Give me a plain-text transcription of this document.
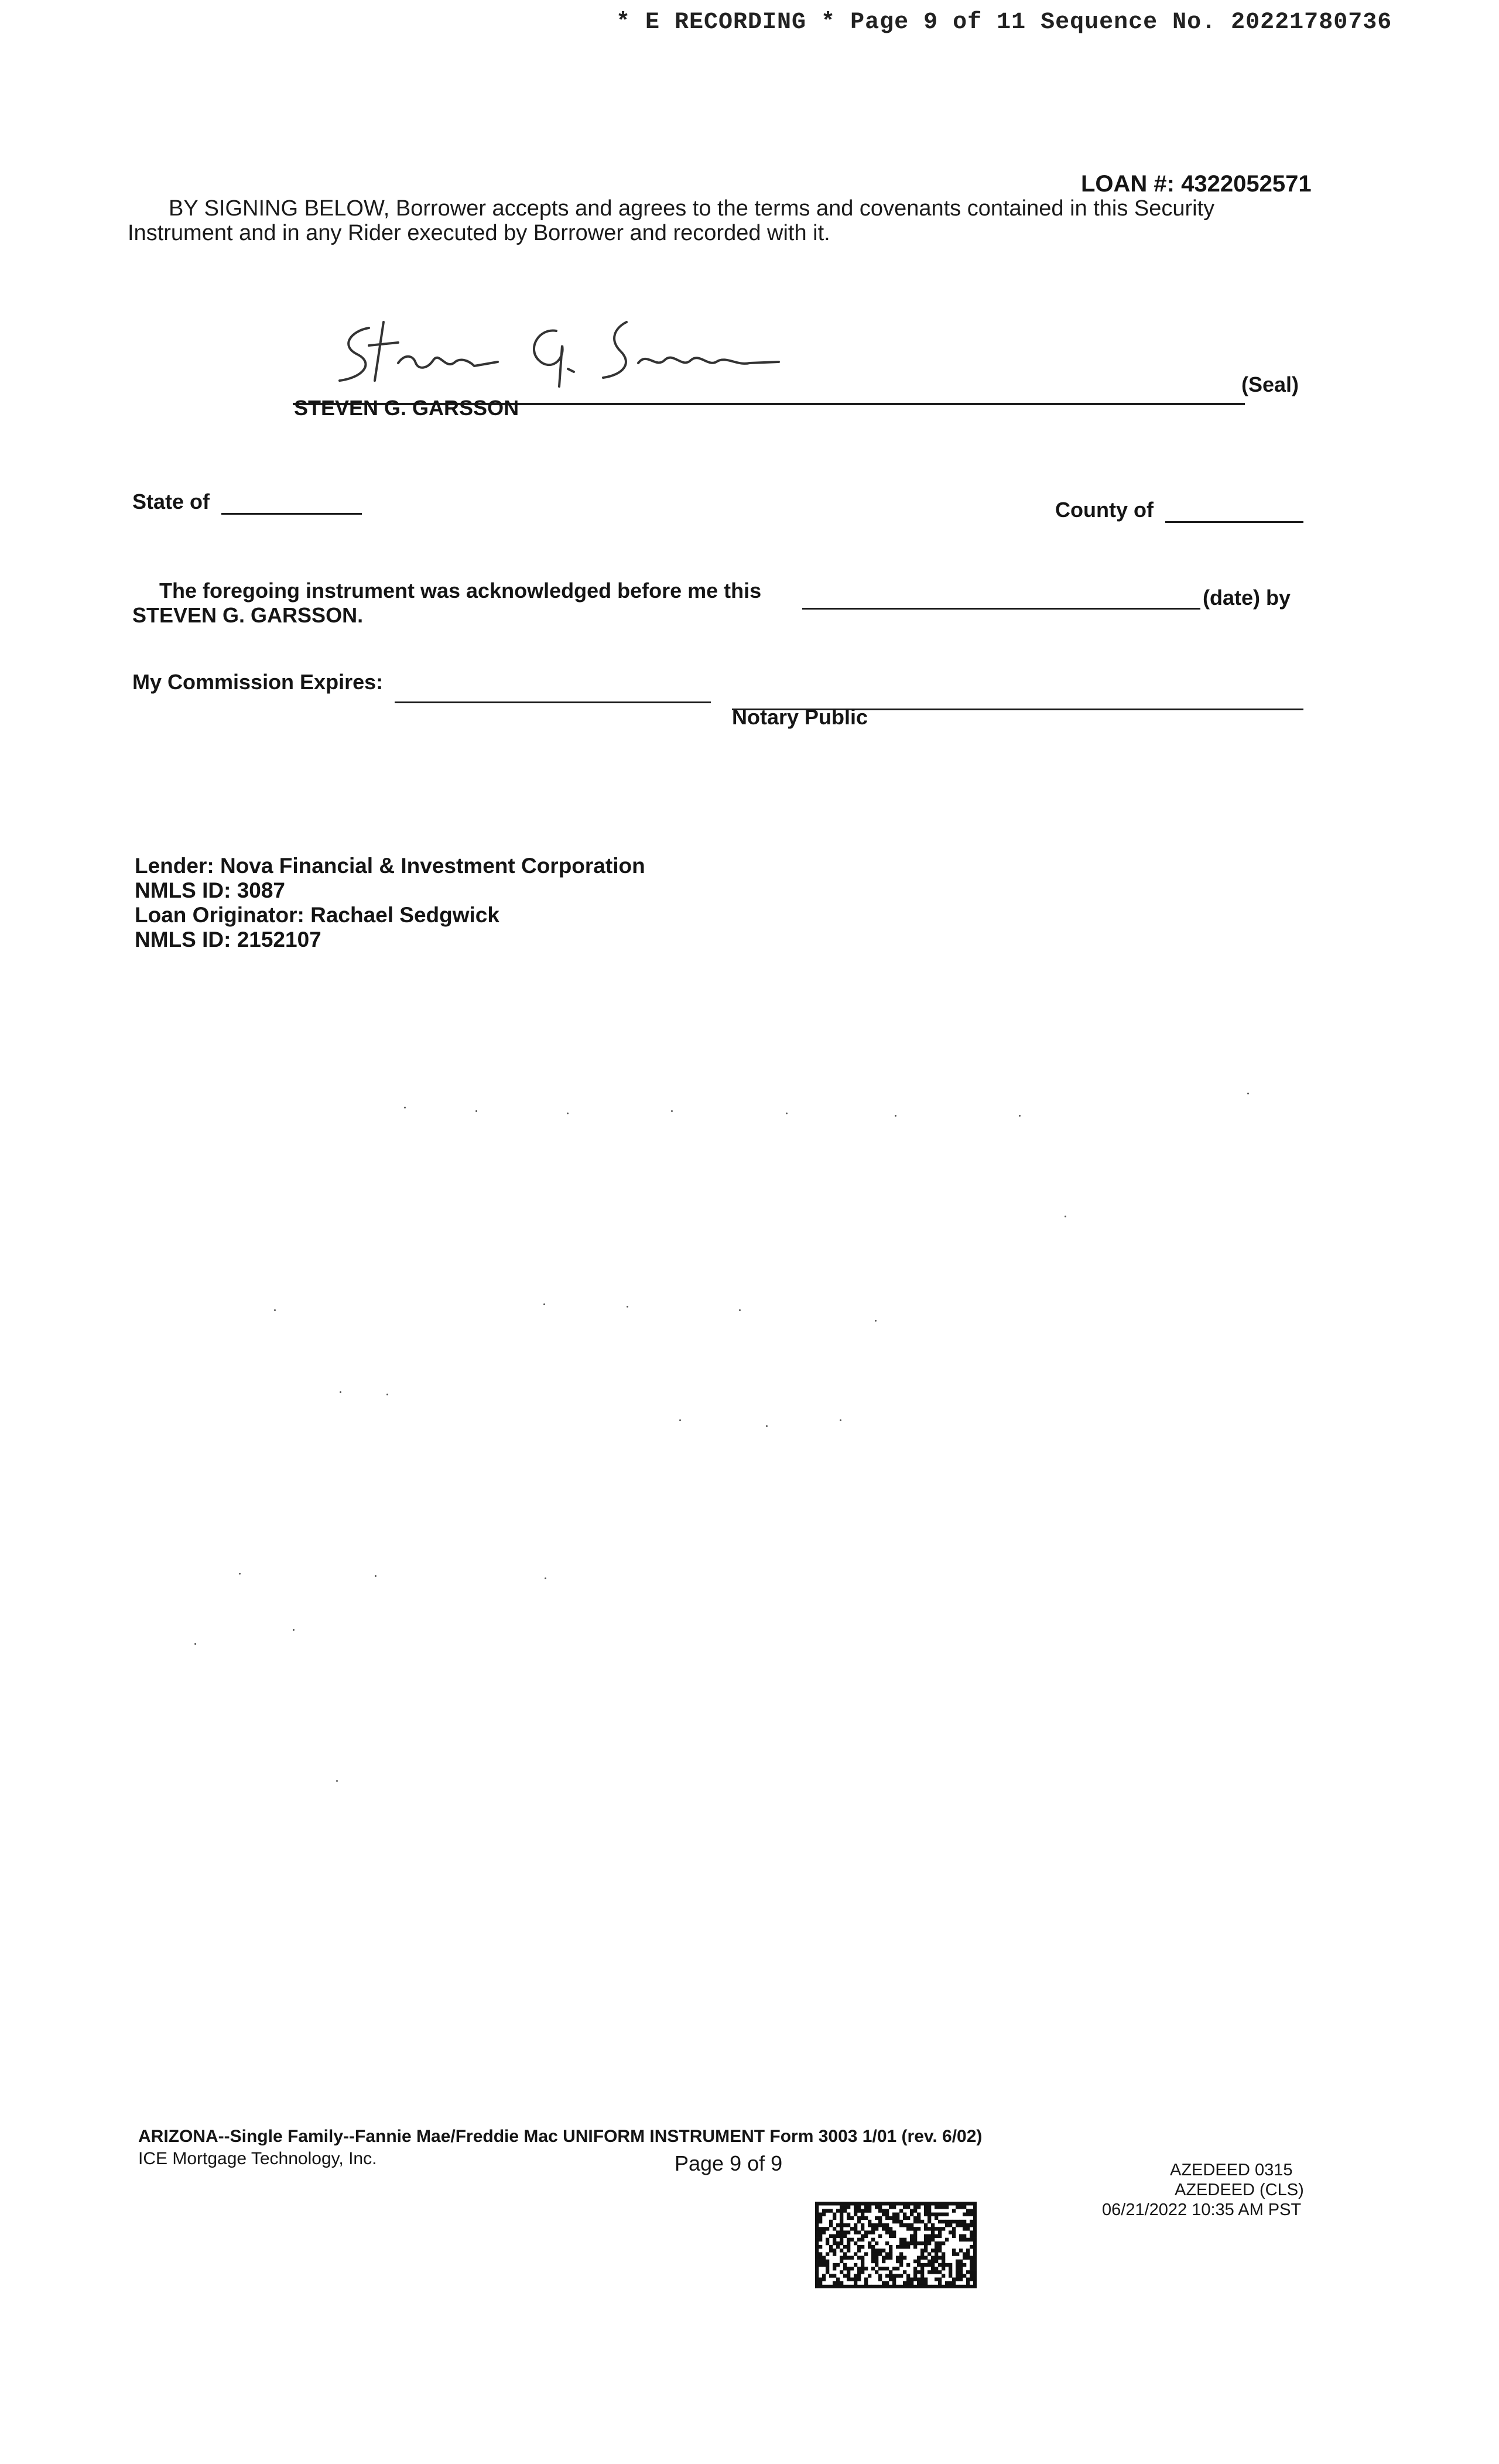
* E RECORDING * Page 9 of 11 Sequence No. 20221780736
LOAN #: 4322052571
BY SIGNING BELOW, Borrower accepts and agrees to the terms and covenants contained in this Security
Instrument and in any Rider executed by Borrower and recorded with it.
(Seal)
STEVEN G. GARSSON
State of	County of
The foregoing instrument was acknowledged before me this	(date) by
STEVEN G. GARSSON.
My Commission Expires:
Notary Public
Lender: Nova Financial & Investment Corporation
NMLS ID: 3087
Loan Originator: Rachael Sedgwick
NMLS ID: 2152107
ARIZONA--Single Family--Fannie Mae/Freddie Mac UNIFORM INSTRUMENT Form 3003 1/01 (rev. 6/02)
ICE Mortgage Technology, Inc.	Page 9 of 9	AZEDEED 0315
AZEDEED (CLS)
06/21/2022 10:35 AM PST
